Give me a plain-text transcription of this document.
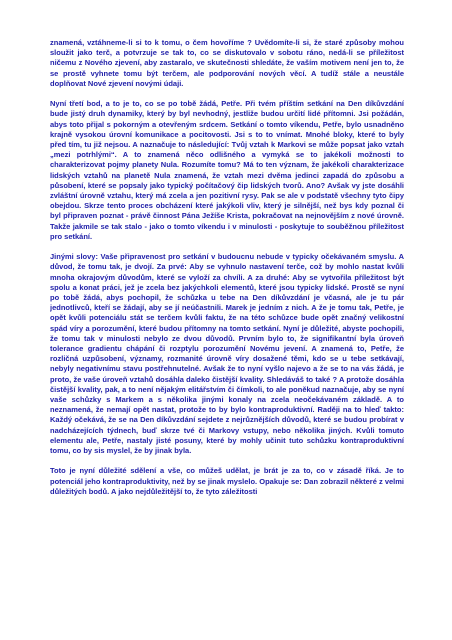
znamená, vztáhneme-li si to k tomu, o čem hovoříme ? Uvědomíte-li si, že staré způsoby mohou sloužit jako terč, a potvrzuje se tak to, co se diskutovalo v sobotu ráno, nedá-li se příležitost ničemu z Nového zjevení, aby zastaralo, ve skutečnosti shledáte, že vaším motivem není jen to, že se prostě vyhnete tomu být terčem, ale podporování nových věcí. A tudíž stále a neustále doplňovat Nové zjevení novými údaji.

Nyní třetí bod, a to je to, co se po tobě žádá, Petře. Při tvém příštím setkání na Den díkůvzdání bude jistý druh dynamiky, který by byl nevhodný, jestliže budou určití lidé přítomni. Jsi požádán, abys toto přijal s pokorným a otevřeným srdcem. Setkání o tomto víkendu, Petře, bylo usnadněno krajně vysokou úrovní komunikace a pocitovosti. Jsi s to to vnímat. Mnohé bloky, které to byly před tím, tu již nejsou. A naznačuje to následující: Tvůj vztah k Markovi se může popsat jako vztah „mezi potrhlými“. A to znamená něco odlišného a vymyká se to jakékoli možnosti to charakterizovat pojmy planety Nula. Rozumíte tomu? Má to ten význam, že jakékoli charakterizace lidských vztahů na planetě Nula znamená, že vztah mezi dvěma jedinci zapadá do způsobu a působení, které se popsaly jako typický počítačový čip lidských tvorů. Ano? Avšak vy jste dosáhli zvláštní úrovně vztahu, který má zcela a jen pozitivní rysy. Pak se ale v podstatě všechny tyto čipy obejdou. Skrze tento proces obcházení které jakýkoli vliv, který je silnější, než bys kdy poznal či byl připraven poznat - právě činnost Pána Ježíše Krista, pokračovat na nejnovějším z nové úrovně. Takže jakmile se tak stalo - jako o tomto víkendu i v minulosti - poskytuje to souběžnou příležitost pro setkání.

Jinými slovy: Vaše připravenost pro setkání v budoucnu nebude v typicky očekávaném smyslu. A důvod, že tomu tak, je dvojí. Za prvé: Aby se vyhnulo nastavení terče, což by mohlo nastat kvůli mnoha okrajovým důvodům, které se vyloží za chvíli. A za druhé: Aby se vytvořila příležitost být spolu a konat práci, jež je zcela bez jakýchkoli elementů, které jsou typicky lidské. Prostě se nyní po tobě žádá, abys pochopil, že schůzka u tebe na Den díkůvzdání je včasná, ale je tu pár jednotlivců, kteří se žádají, aby se jí neúčastnili. Marek je jedním z nich. A že je tomu tak, Petře, je opět kvůli potenciálu stát se terčem kvůli faktu, že na této schůzce bude opět značný velikostní spád víry a porozumění, které budou přítomny na tomto setkání. Nyní je důležité, abyste pochopili, že tomu tak v minulosti nebylo ze dvou důvodů. Prvním bylo to, že signifikantní byla úroveň tolerance gradientu chápání či rozptylu porozumění Novému jevení. A znamená to, Petře, že rozličná uzpůsobení, významy, rozmanité úrovně víry dosažené těmi, kdo se u tebe setkávají, nebyly negativnímu stavu postřehnutelné. Avšak že to nyní vyšlo najevo a že se to na vás žádá, je proto, že vaše úroveň vztahů dosáhla daleko čistější kvality. Shledáváš to také ? A protože dosáhla čistější kvality, pak, a to není nějakým elitářstvím či čímkoli, to ale poněkud naznačuje, aby se nyní vaše schůzky s Markem a s několika jinými konaly na zcela neočekávaném základě. A to neznamená, že nemají opět nastat, protože to by bylo kontraproduktivní. Raději na to hleď takto: Každý očekává, že se na Den díkůvzdání sejdete z nejrůznějších důvodů, které se budou probírat v nadcházejících týdnech, buď skrze tvé či Markovy vstupy, nebo několika jiných. Kvůli tomuto elementu ale, Petře, nastaly jisté posuny, které by mohly učinit tuto schůzku kontraproduktivní tomu, co by sis myslel, že by jinak byla.

Toto je nyní důležité sdělení a vše, co můžeš udělat, je brát je za to, co v zásadě říká. Je to potenciál jeho kontraproduktivity, než by se jinak myslelo. Opakuje se: Dan zobrazil některé z velmi důležitých bodů. A jako nejdůležitější to, že tyto záležitosti
